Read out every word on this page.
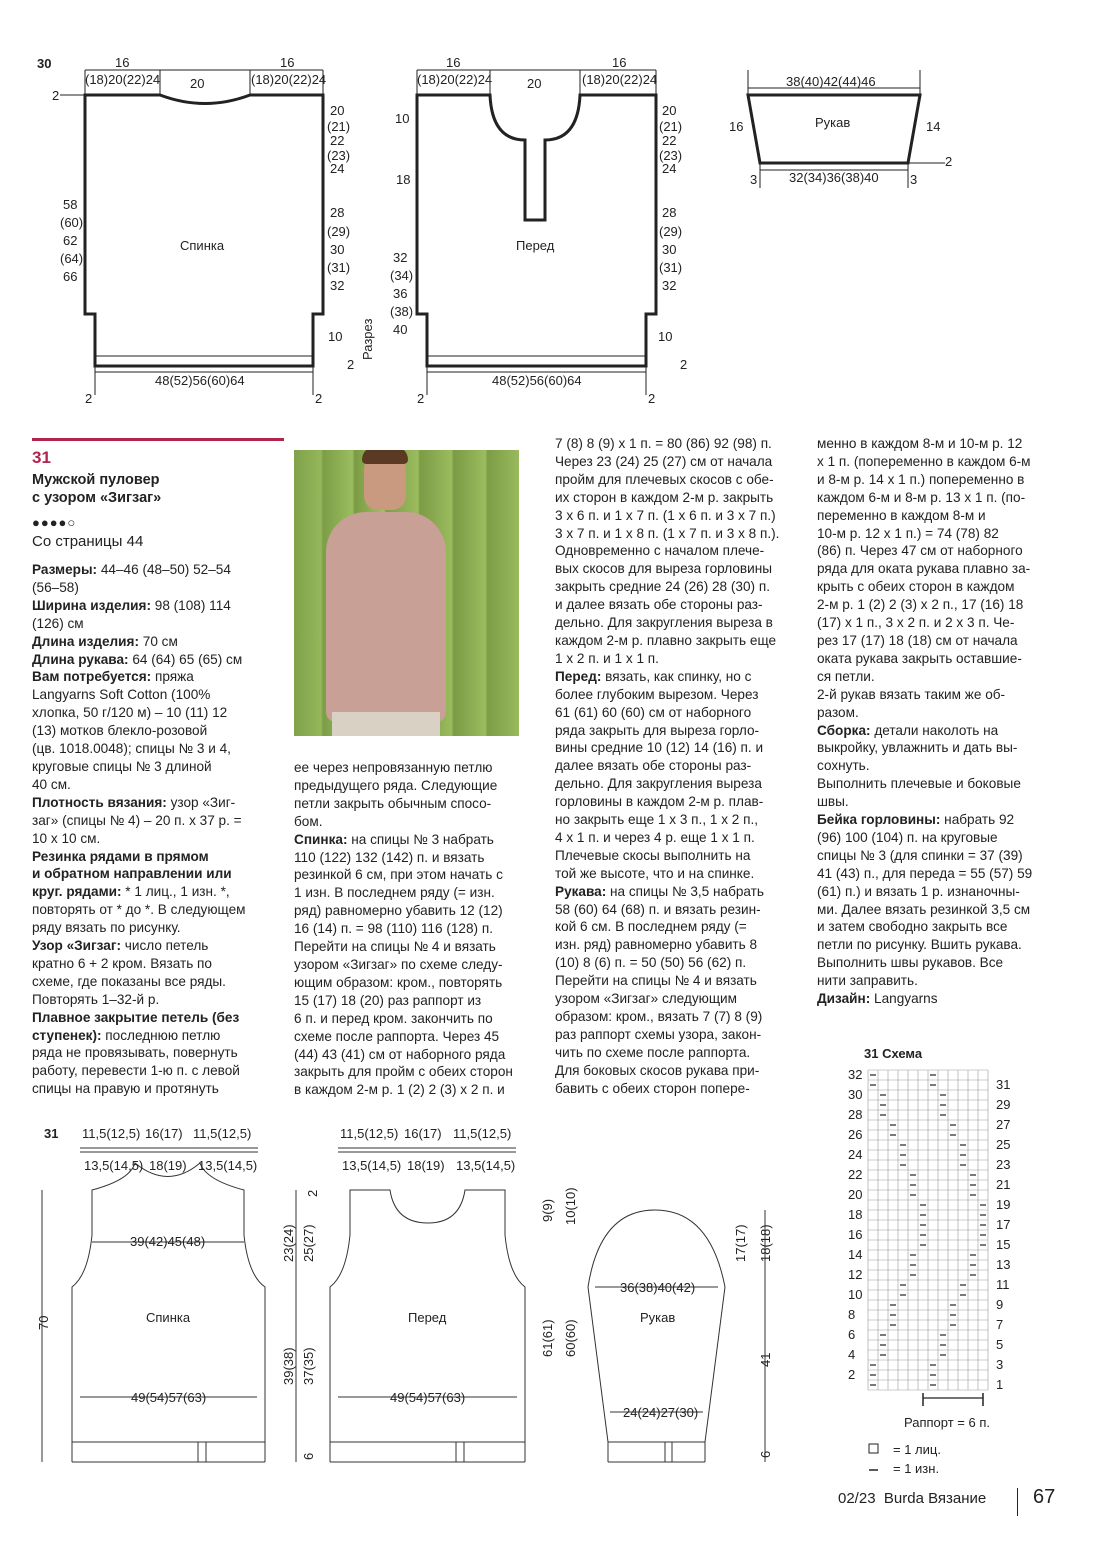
30	16
(18)20(22)24 20
16
(18)20(22)24
2
58
(60)
62
(64)
66
20
(21)
22
(23)
24
28
(29)
30
(31)
32
10
2
Спинка
48(52)56(60)64
2	2
16
(18)20(22)24	20
16
(18)20(22)24
10
18
32
(34)
36
(38)
40
Разрез
20
(21)
22
(23)
24
28
(29)
30
(31)
32
10
2
Перед
48(52)56(60)64
2	2
38(40)42(44)46
Рукав
16	14
2
32(34)36(38)40
3	3
31 11,5(12,5) 16(17) 11,5(12,5)
13,5(14,5) 18(19) 13,5(14,5)
39(42)45(48)
Спинка
49(54)57(63)
70
11,5(12,5) 16(17) 11,5(12,5)
13,5(14,5) 18(19) 13,5(14,5)
Перед
49(54)57(63)
2
23(24) 25(27)
39(38) 37(35)
6
36(38)40(42)
Рукав
24(24)27(30)
9(9) 10(10)
61(61) 60(60)
17(17) 18(18)
41
6
32
30
28
26
24
22
20
18
16
14
12
10
8
6
4
2
31
29
27
25
23
21
19
17
15
13
11
9
7
5
3
1
31 Схема
Раппорт = 6 п.
= 1 лиц.
= 1 изн.
31
Мужской пуловер
с узором «Зигзаг»
●●●●○
Со страницы 44

Размеры: 44–46 (48–50) 52–54

(56–58)

Ширина изделия: 98 (108) 114

(126) см

Длина изделия: 70 см

Длина рукава: 64 (64) 65 (65) см

Вам потребуется: пряжа

Langyarns Soft Cotton (100%

хлопка, 50 г/120 м) – 10 (11) 12

(13) мотков блекло-розовой

(цв. 1018.0048); спицы № 3 и 4,

круговые спицы № 3 длиной

40 см.

Плотность вязания: узор «Зиг-

заг» (спицы № 4) – 20 п. х 37 р. =

10 х 10 см.

Резинка рядами в прямом

и обратном направлении или

круг. рядами: * 1 лиц., 1 изн. *,

повторять от * до *. В следующем

ряду вязать по рисунку.

Узор «Зигзаг: число петель

кратно 6 + 2 кром. Вязать по

схеме, где показаны все ряды.

Повторять 1–32-й р.

Плавное закрытие петель (без

ступенек): последнюю петлю

ряда не провязывать, повернуть

работу, перевести 1-ю п. с левой

спицы на правую и протянуть

ее через непровязанную петлю

предыдущего ряда. Следующие

петли закрыть обычным спосо-

бом.

Спинка: на спицы № 3 набрать

110 (122) 132 (142) п. и вязать

резинкой 6 см, при этом начать с

1 изн. В последнем ряду (= изн.

ряд) равномерно убавить 12 (12)

16 (14) п. = 98 (110) 116 (128) п.

Перейти на спицы № 4 и вязать

узором «Зигзаг» по схеме следу-

ющим образом: кром., повторять

15 (17) 18 (20) раз раппорт из

6 п. и перед кром. закончить по

схеме после раппорта. Через 45

(44) 43 (41) см от наборного ряда

закрыть для пройм с обеих сторон

в каждом 2-м р. 1 (2) 2 (3) х 2 п. и

7 (8) 8 (9) х 1 п. = 80 (86) 92 (98) п.

Через 23 (24) 25 (27) см от начала

пройм для плечевых скосов с обе-

их сторон в каждом 2-м р. закрыть

3 х 6 п. и 1 х 7 п. (1 х 6 п. и 3 х 7 п.)

3 х 7 п. и 1 х 8 п. (1 х 7 п. и 3 х 8 п.).

Одновременно с началом плече-

вых скосов для выреза горловины

закрыть средние 24 (26) 28 (30) п.

и далее вязать обе стороны раз-

дельно. Для закругления выреза в

каждом 2-м р. плавно закрыть еще

1 х 2 п. и 1 х 1 п.

Перед: вязать, как спинку, но с

более глубоким вырезом. Через

61 (61) 60 (60) см от наборного

ряда закрыть для выреза горло-

вины средние 10 (12) 14 (16) п. и

далее вязать обе стороны раз-

дельно. Для закругления выреза

горловины в каждом 2-м р. плав-

но закрыть еще 1 х 3 п., 1 х 2 п.,

4 х 1 п. и через 4 р. еще 1 х 1 п.

Плечевые скосы выполнить на

той же высоте, что и на спинке.

Рукава: на спицы № 3,5 набрать

58 (60) 64 (68) п. и вязать резин-

кой 6 см. В последнем ряду (=

изн. ряд) равномерно убавить 8

(10) 8 (6) п. = 50 (50) 56 (62) п.

Перейти на спицы № 4 и вязать

узором «Зигзаг» следующим

образом: кром., вязать 7 (7) 8 (9)

раз раппорт схемы узора, закон-

чить по схеме после раппорта.

Для боковых скосов рукава при-

бавить с обеих сторон попере-

менно в каждом 8-м и 10-м р. 12

х 1 п. (попеременно в каждом 6-м

и 8-м р. 14 х 1 п.) попеременно в

каждом 6-м и 8-м р. 13 х 1 п. (по-

переменно в каждом 8-м и

10-м р. 12 х 1 п.) = 74 (78) 82

(86) п. Через 47 см от наборного

ряда для оката рукава плавно за-

крыть с обеих сторон в каждом

2-м р. 1 (2) 2 (3) х 2 п., 17 (16) 18

(17) х 1 п., 3 х 2 п. и 2 х 3 п. Че-

рез 17 (17) 18 (18) см от начала

оката рукава закрыть оставшие-

ся петли.

2-й рукав вязать таким же об-

разом.

Сборка: детали наколоть на

выкройку, увлажнить и дать вы-

сохнуть.

Выполнить плечевые и боковые

швы.

Бейка горловины: набрать 92

(96) 100 (104) п. на круговые

спицы № 3 (для спинки = 37 (39)

41 (43) п., для переда = 55 (57) 59

(61) п.) и вязать 1 р. изнаночны-

ми. Далее вязать резинкой 3,5 см

и затем свободно закрыть все

петли по рисунку. Вшить рукава.

Выполнить швы рукавов. Все

нити заправить.

Дизайн: Langyarns

02/23 Burda Вязание 67
